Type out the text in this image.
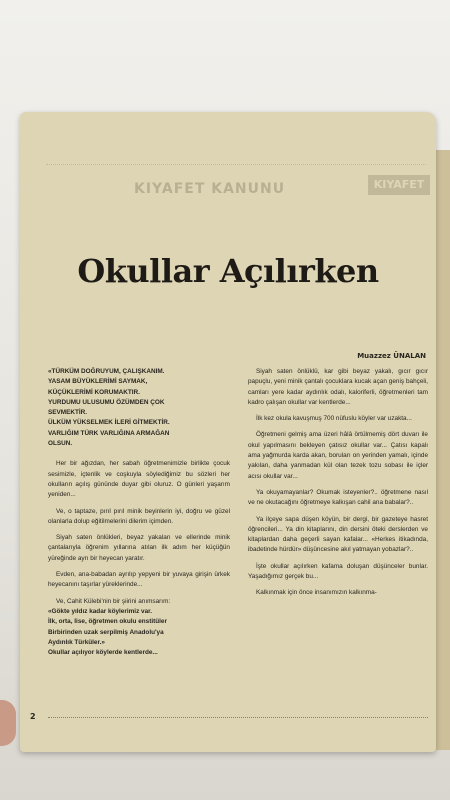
KIYAFET KANUNU	KIYAFET
Okullar Açılırken
Muazzez ÜNALAN
«TÜRKÜM DOĞRUYUM, ÇALIŞKANIM.
YASAM BÜYÜKLERİMİ SAYMAK,
KÜÇÜKLERİMİ KORUMAKTIR.
YURDUMU ULUSUMU ÖZÜMDEN ÇOK
SEVMEKTİR.
ÜLKÜM YÜKSELMEK İLERİ GİTMEKTİR.
VARLIĞIM TÜRK VARLIĞINA ARMAĞAN
OLSUN.

Her bir ağızdan, her sabah öğretmenimizle birlikte çocuk sesimizle, içtenlik ve coşkuyla söylediğimiz bu sözleri her okulların açılış gününde duyar gibi oluruz. O günleri yaşarım yeniden...

Ve, o taptaze, pırıl pırıl minik beyinlerin iyi, doğru ve güzel olanlarla dolup eğitilmelerini dilerim içimden.

Siyah saten önlükleri, beyaz yakaları ve ellerinde minik çantalarıyla öğrenim yıllarına atılan ilk adım her küçüğün yüreğinde ayrı bir heyecan yaratır.

Evden, ana-babadan ayrılıp yepyeni bir yuvaya girişin ürkek heyecanını taşırlar yüreklerinde...

Ve, Cahit Külebi'nin bir şiirini anımsarım:

«Gökte yıldız kadar köylerimiz var.
İlk, orta, lise, öğretmen okulu enstitüler
Birbirinden uzak serpilmiş Anadolu'ya
Aydınlık Türküler.»
Okullar açılıyor köylerde kentlerde...

Siyah saten önlüklü, kar gibi beyaz yakalı, gıcır gıcır papuçlu, yeni minik çantalı çocuklara kucak açan geniş bahçeli, camları yere kadar aydınlık odalı, kaloriferli, öğretmenleri tam kadro çalışan okullar var kentlerde...

İlk kez okula kavuşmuş 700 nüfuslu köyler var uzakta...

Öğretmeni gelmiş ama üzeri hâlâ örtülmemiş dört duvarı ile okul yapılmasını bekleyen çatısız okullar var... Çatısı kapalı ama yağmurda karda akan, boruları on yerinden yamalı, içinde yakılan, daha yanmadan kül olan tezek tozu sobası ile içler acısı okullar var...

Ya okuyamayanlar? Okumak isteyenler?.. öğretmene nasıl ve ne okutacağını öğretmeye kalkışan cahil ana babalar?..

Ya ilçeye sapa düşen köyün, bir dergi, bir gazeteye hasret öğrencileri... Ya din kitaplarını, din dersini öteki derslerden ve kitaplardan daha geçerli sayan kafalar... «Herkes itikadında, ibadetinde hürdür» düşüncesine akıl yatmayan yobazlar?..

İşte okullar açılırken kafama doluşan düşünceler bunlar. Yaşadığımız gerçek bu...

Kalkınmak için önce insanımızın kalkınma-

2
